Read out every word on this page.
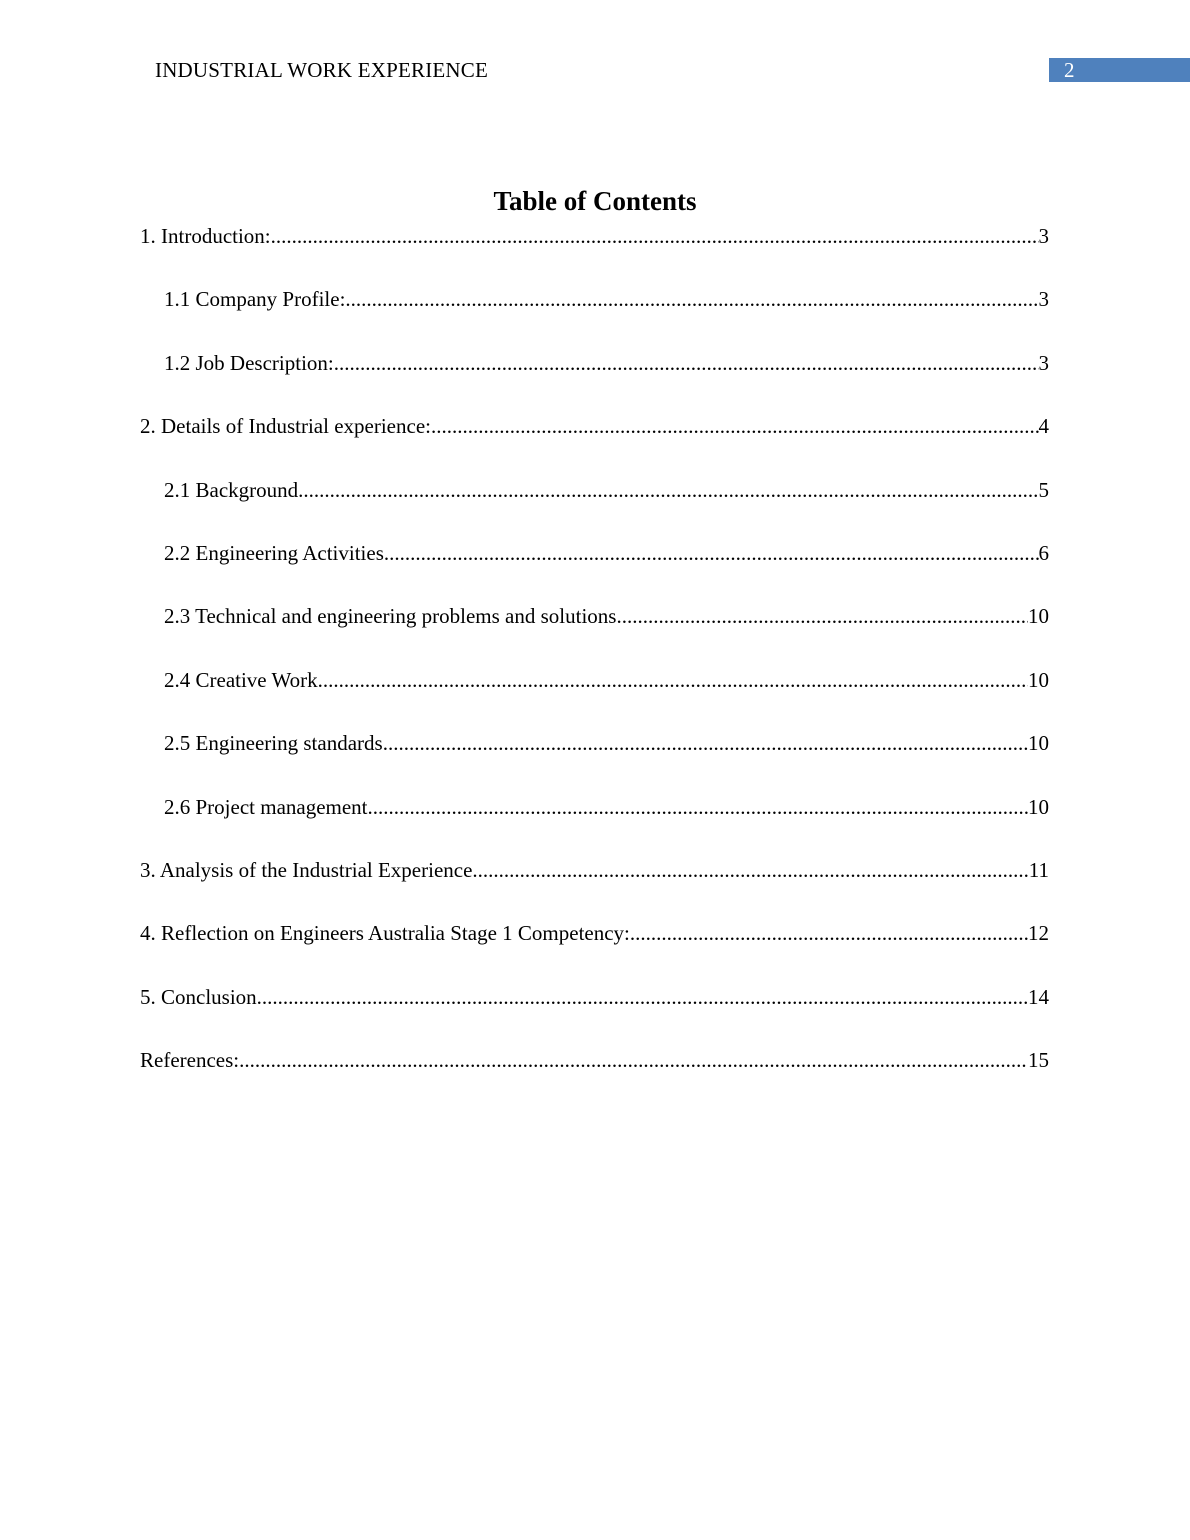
INDUSTRIAL WORK EXPERIENCE	2
Table of Contents
1. Introduction: .....	3
1.1 Company Profile: .....	3
1.2 Job Description: .....	3
2. Details of Industrial experience: .....	4
2.1 Background .....	5
2.2 Engineering Activities .....	6
2.3 Technical and engineering problems and solutions .....	10
2.4 Creative Work .....	10
2.5 Engineering standards .....	10
2.6 Project management .....	10
3. Analysis of the Industrial Experience .....	11
4. Reflection on Engineers Australia Stage 1 Competency: .....	12
5. Conclusion .....	14
References: .....	15
